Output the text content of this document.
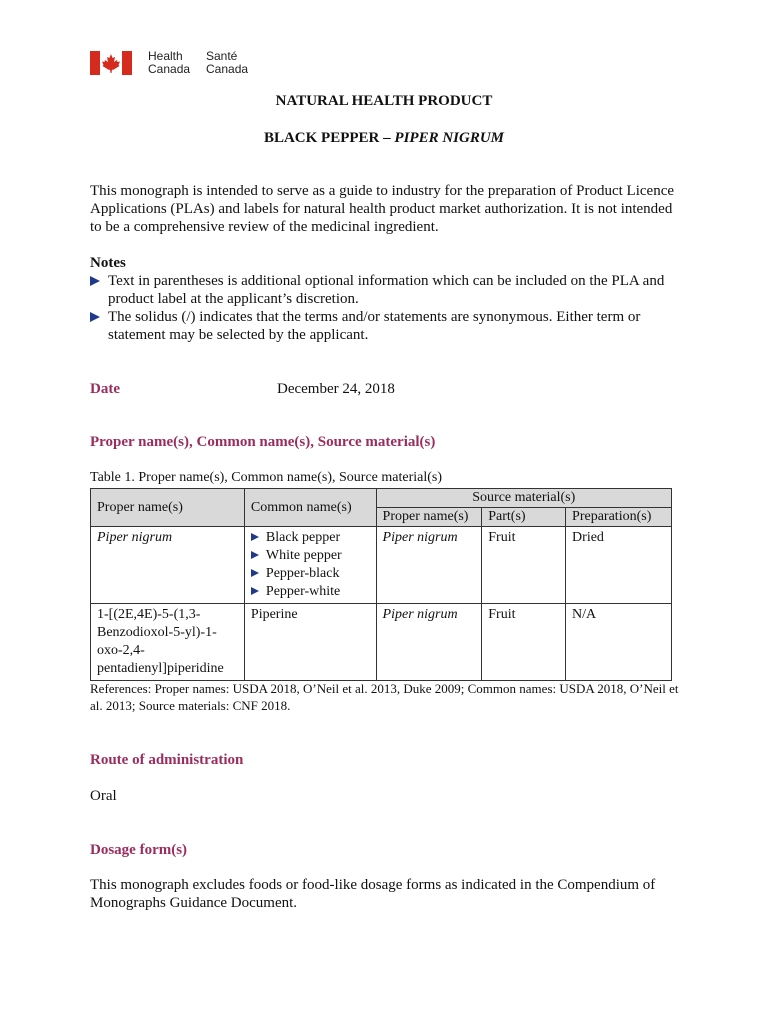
Health
Canada
Santé
Canada
NATURAL HEALTH PRODUCT
BLACK PEPPER – PIPER NIGRUM
This monograph is intended to serve as a guide to industry for the preparation of Product Licence Applications (PLAs) and labels for natural health product market authorization. It is not intended to be a comprehensive review of the medicinal ingredient.
Notes
Text in parentheses is additional optional information which can be included on the PLA and product label at the applicant’s discretion.
The solidus (/) indicates that the terms and/or statements are synonymous. Either term or statement may be selected by the applicant.
Date	December 24, 2018
Proper name(s), Common name(s), Source material(s)
Table 1. Proper name(s), Common name(s), Source material(s)
Proper name(s)	Common name(s)	Source material(s)		
		Proper name(s)	Part(s)	Preparation(s)
Piper nigrum	Black pepper
White pepper
Pepper-black
Pepper-white	Piper nigrum	Fruit	Dried
1-[(2E,4E)-5-(1,3-Benzodioxol-5-yl)-1-oxo-2,4-pentadienyl]piperidine	Piperine	Piper nigrum	Fruit	N/A
References: Proper names: USDA 2018, O’Neil et al. 2013, Duke 2009; Common names: USDA 2018, O’Neil et al. 2013; Source materials: CNF 2018.
Route of administration
Oral
Dosage form(s)
This monograph excludes foods or food-like dosage forms as indicated in the Compendium of Monographs Guidance Document.
